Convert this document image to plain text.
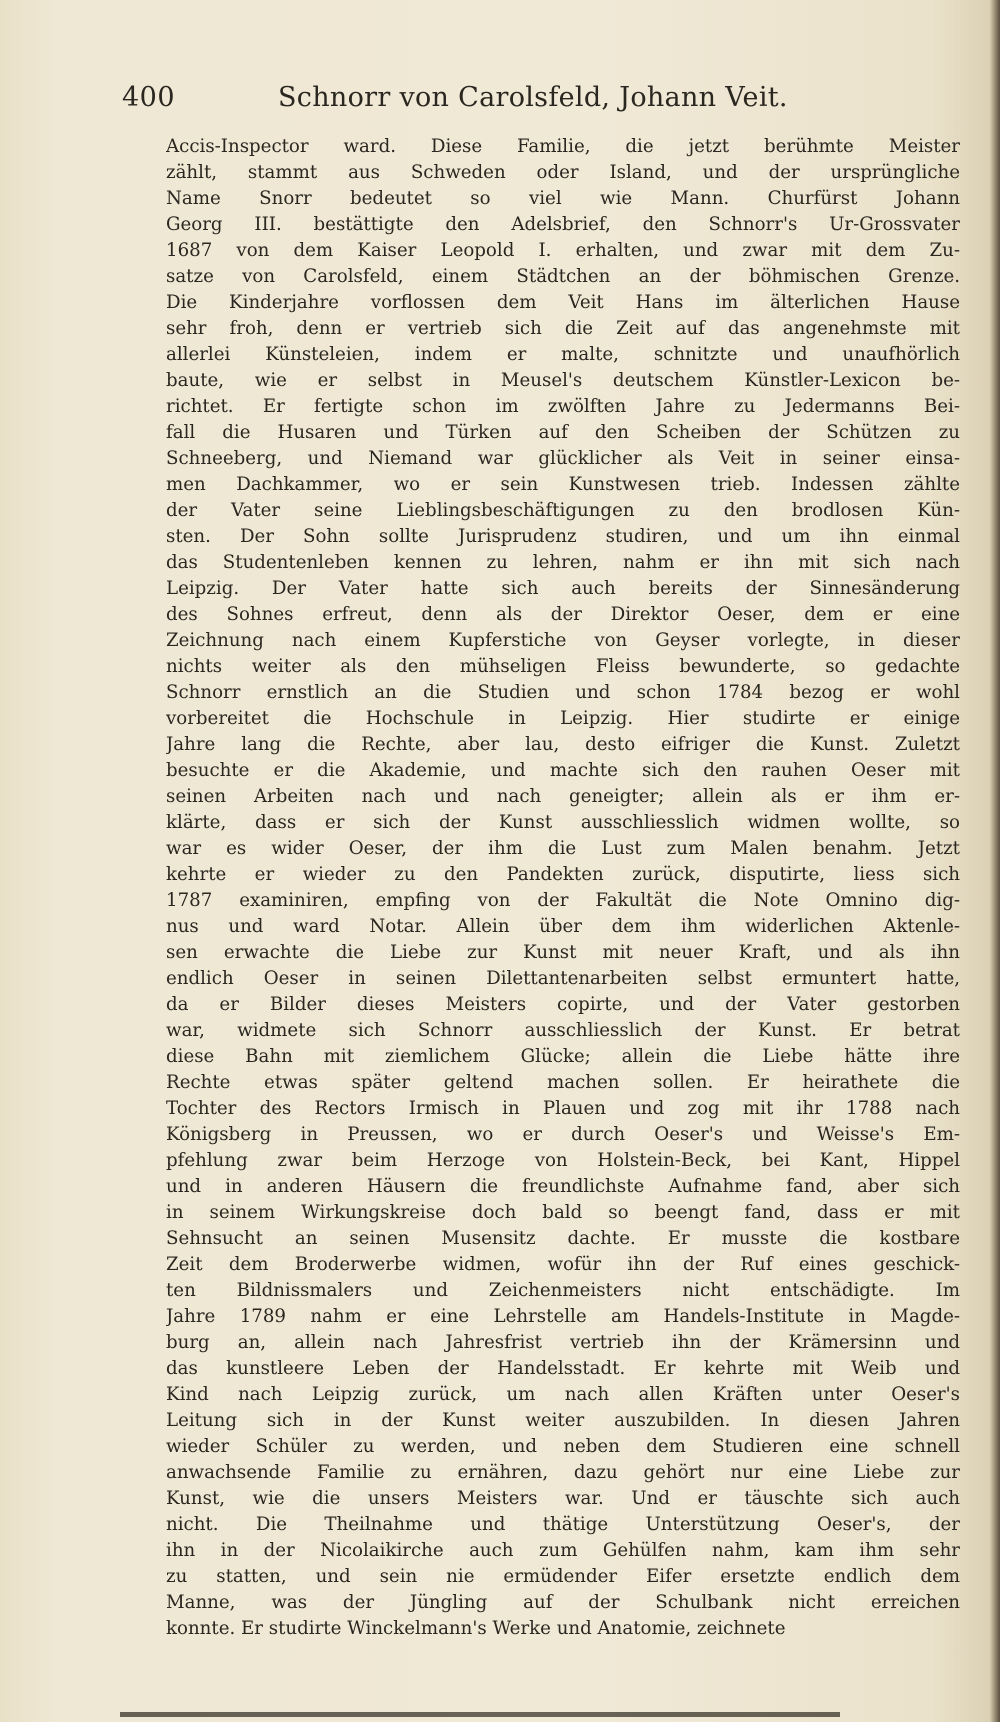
400	Schnorr von Carolsfeld, Johann Veit.
Accis-Inspector ward. Diese Familie, die jetzt berühmte Meister
zählt, stammt aus Schweden oder Island, und der ursprüngliche
Name Snorr bedeutet so viel wie Mann. Churfürst Johann
Georg III. bestättigte den Adelsbrief, den Schnorr's Ur-Grossvater
1687 von dem Kaiser Leopold I. erhalten, und zwar mit dem Zu-
satze von Carolsfeld, einem Städtchen an der böhmischen Grenze.
Die Kinderjahre vorflossen dem Veit Hans im älterlichen Hause
sehr froh, denn er vertrieb sich die Zeit auf das angenehmste mit
allerlei Künsteleien, indem er malte, schnitzte und unaufhörlich
baute, wie er selbst in Meusel's deutschem Künstler-Lexicon be-
richtet. Er fertigte schon im zwölften Jahre zu Jedermanns Bei-
fall die Husaren und Türken auf den Scheiben der Schützen zu
Schneeberg, und Niemand war glücklicher als Veit in seiner einsa-
men Dachkammer, wo er sein Kunstwesen trieb. Indessen zählte
der Vater seine Lieblingsbeschäftigungen zu den brodlosen Kün-
sten. Der Sohn sollte Jurisprudenz studiren, und um ihn einmal
das Studentenleben kennen zu lehren, nahm er ihn mit sich nach
Leipzig. Der Vater hatte sich auch bereits der Sinnesänderung
des Sohnes erfreut, denn als der Direktor Oeser, dem er eine
Zeichnung nach einem Kupferstiche von Geyser vorlegte, in dieser
nichts weiter als den mühseligen Fleiss bewunderte, so gedachte
Schnorr ernstlich an die Studien und schon 1784 bezog er wohl
vorbereitet die Hochschule in Leipzig. Hier studirte er einige
Jahre lang die Rechte, aber lau, desto eifriger die Kunst. Zuletzt
besuchte er die Akademie, und machte sich den rauhen Oeser mit
seinen Arbeiten nach und nach geneigter; allein als er ihm er-
klärte, dass er sich der Kunst ausschliesslich widmen wollte, so
war es wider Oeser, der ihm die Lust zum Malen benahm. Jetzt
kehrte er wieder zu den Pandekten zurück, disputirte, liess sich
1787 examiniren, empfing von der Fakultät die Note Omnino dig-
nus und ward Notar. Allein über dem ihm widerlichen Aktenle-
sen erwachte die Liebe zur Kunst mit neuer Kraft, und als ihn
endlich Oeser in seinen Dilettantenarbeiten selbst ermuntert hatte,
da er Bilder dieses Meisters copirte, und der Vater gestorben
war, widmete sich Schnorr ausschliesslich der Kunst. Er betrat
diese Bahn mit ziemlichem Glücke; allein die Liebe hätte ihre
Rechte etwas später geltend machen sollen. Er heirathete die
Tochter des Rectors Irmisch in Plauen und zog mit ihr 1788 nach
Königsberg in Preussen, wo er durch Oeser's und Weisse's Em-
pfehlung zwar beim Herzoge von Holstein-Beck, bei Kant, Hippel
und in anderen Häusern die freundlichste Aufnahme fand, aber sich
in seinem Wirkungskreise doch bald so beengt fand, dass er mit
Sehnsucht an seinen Musensitz dachte. Er musste die kostbare
Zeit dem Broderwerbe widmen, wofür ihn der Ruf eines geschick-
ten Bildnissmalers und Zeichenmeisters nicht entschädigte. Im
Jahre 1789 nahm er eine Lehrstelle am Handels-Institute in Magde-
burg an, allein nach Jahresfrist vertrieb ihn der Krämersinn und
das kunstleere Leben der Handelsstadt. Er kehrte mit Weib und
Kind nach Leipzig zurück, um nach allen Kräften unter Oeser's
Leitung sich in der Kunst weiter auszubilden. In diesen Jahren
wieder Schüler zu werden, und neben dem Studieren eine schnell
anwachsende Familie zu ernähren, dazu gehört nur eine Liebe zur
Kunst, wie die unsers Meisters war. Und er täuschte sich auch
nicht. Die Theilnahme und thätige Unterstützung Oeser's, der
ihn in der Nicolaikirche auch zum Gehülfen nahm, kam ihm sehr
zu statten, und sein nie ermüdender Eifer ersetzte endlich dem
Manne, was der Jüngling auf der Schulbank nicht erreichen
konnte. Er studirte Winckelmann's Werke und Anatomie, zeichnete
